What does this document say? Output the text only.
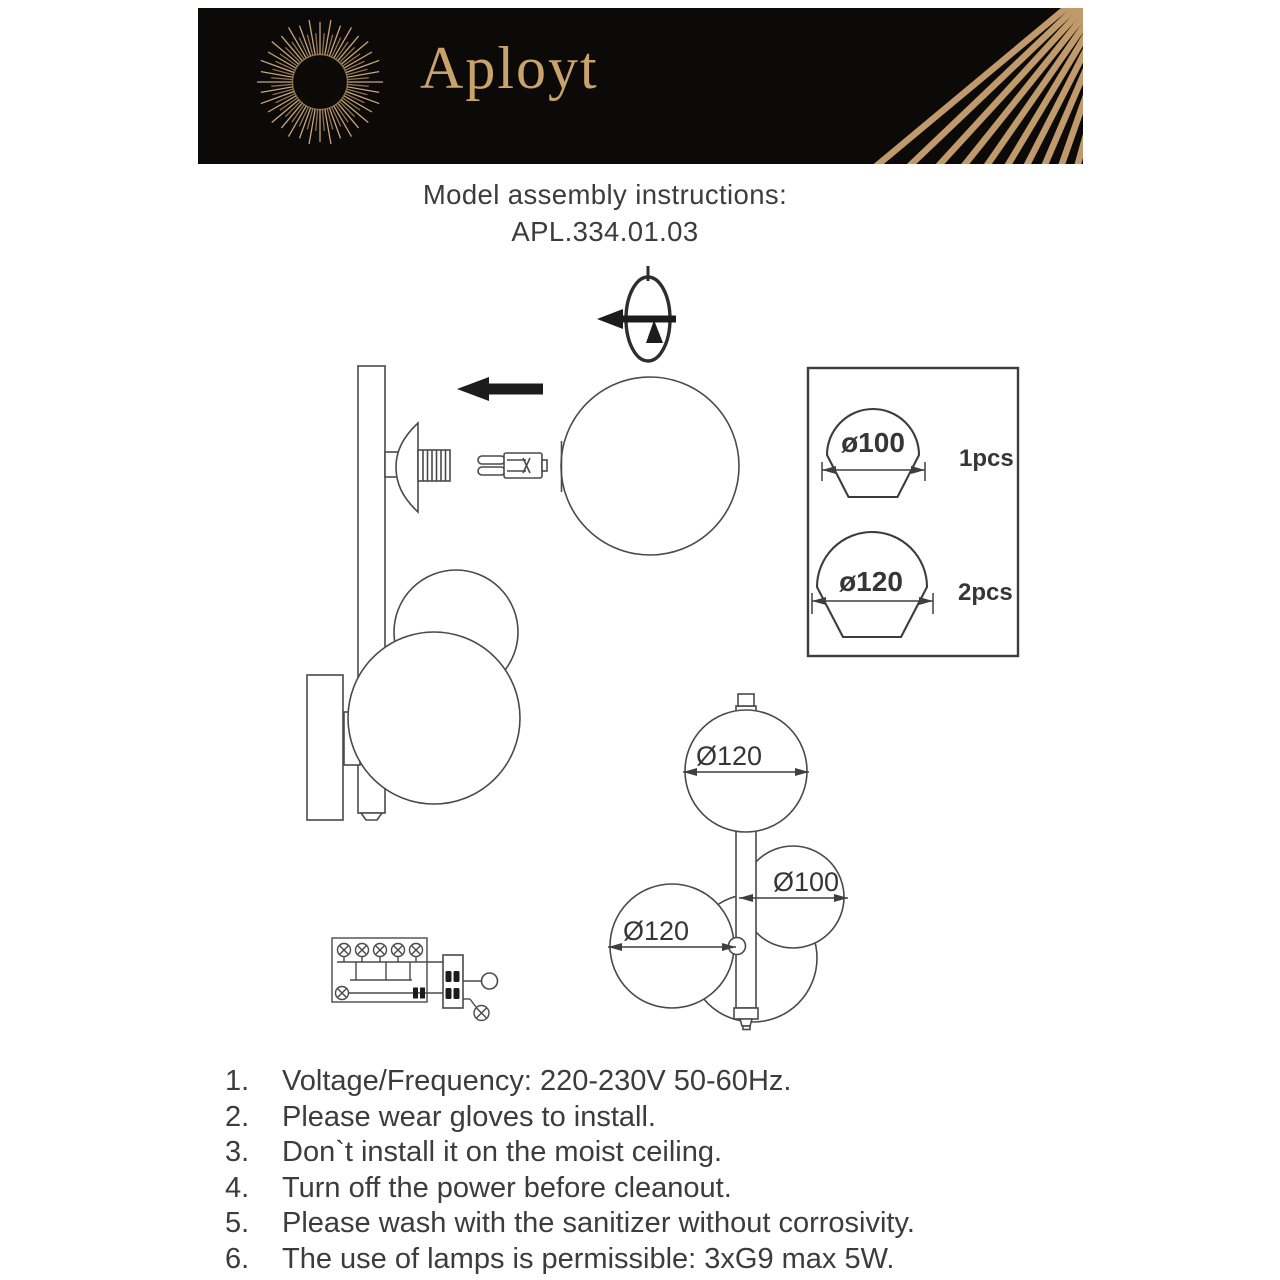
Aployt
Model assembly instructions:
APL.334.01.03
ø100
1pcs
ø120 2pcs
Ø120
Ø100
Ø120
1. Voltage/Frequency: 220-230V 50-60Hz.
2. Please wear gloves to install.
3. Don`t install it on the moist ceiling.
4. Turn off the power before cleanout.
5. Please wash with the sanitizer without corrosivity.
6. The use of lamps is permissible: 3xG9 max 5W.
